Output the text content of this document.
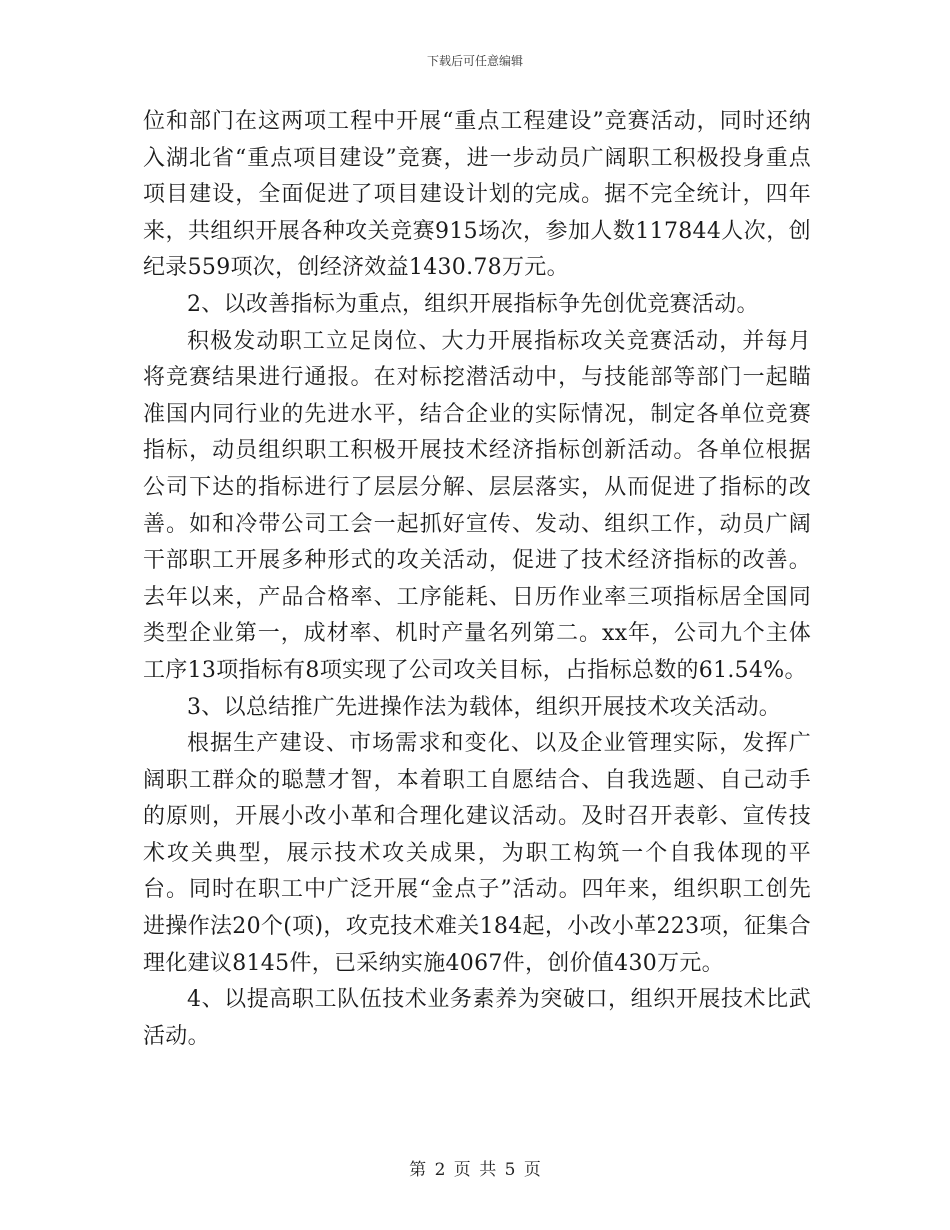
下载后可任意编辑

位和部门在这两项工程中开展“重点工程建设”竞赛活动，同时还纳入湖北省“重点项目建设”竞赛，进一步动员广阔职工积极投身重点项目建设，全面促进了项目建设计划的完成。据不完全统计，四年来，共组织开展各种攻关竞赛915场次，参加人数117844人次，创纪录559项次，创经济效益1430.78万元。

2、以改善指标为重点，组织开展指标争先创优竞赛活动。

积极发动职工立足岗位、大力开展指标攻关竞赛活动，并每月将竞赛结果进行通报。在对标挖潜活动中，与技能部等部门一起瞄准国内同行业的先进水平，结合企业的实际情况，制定各单位竞赛指标，动员组织职工积极开展技术经济指标创新活动。各单位根据公司下达的指标进行了层层分解、层层落实，从而促进了指标的改善。如和冷带公司工会一起抓好宣传、发动、组织工作，动员广阔干部职工开展多种形式的攻关活动，促进了技术经济指标的改善。去年以来，产品合格率、工序能耗、日历作业率三项指标居全国同类型企业第一，成材率、机时产量名列第二。xx年，公司九个主体工序13项指标有8项实现了公司攻关目标，占指标总数的61.54%。

3、以总结推广先进操作法为载体，组织开展技术攻关活动。

根据生产建设、市场需求和变化、以及企业管理实际，发挥广阔职工群众的聪慧才智，本着职工自愿结合、自我选题、自己动手的原则，开展小改小革和合理化建议活动。及时召开表彰、宣传技术攻关典型，展示技术攻关成果，为职工构筑一个自我体现的平台。同时在职工中广泛开展“金点子”活动。四年来，组织职工创先进操作法20个(项)，攻克技术难关184起，小改小革223项，征集合理化建议8145件，已采纳实施4067件，创价值430万元。

4、以提高职工队伍技术业务素养为突破口，组织开展技术比武活动。

第 2 页 共 5 页
